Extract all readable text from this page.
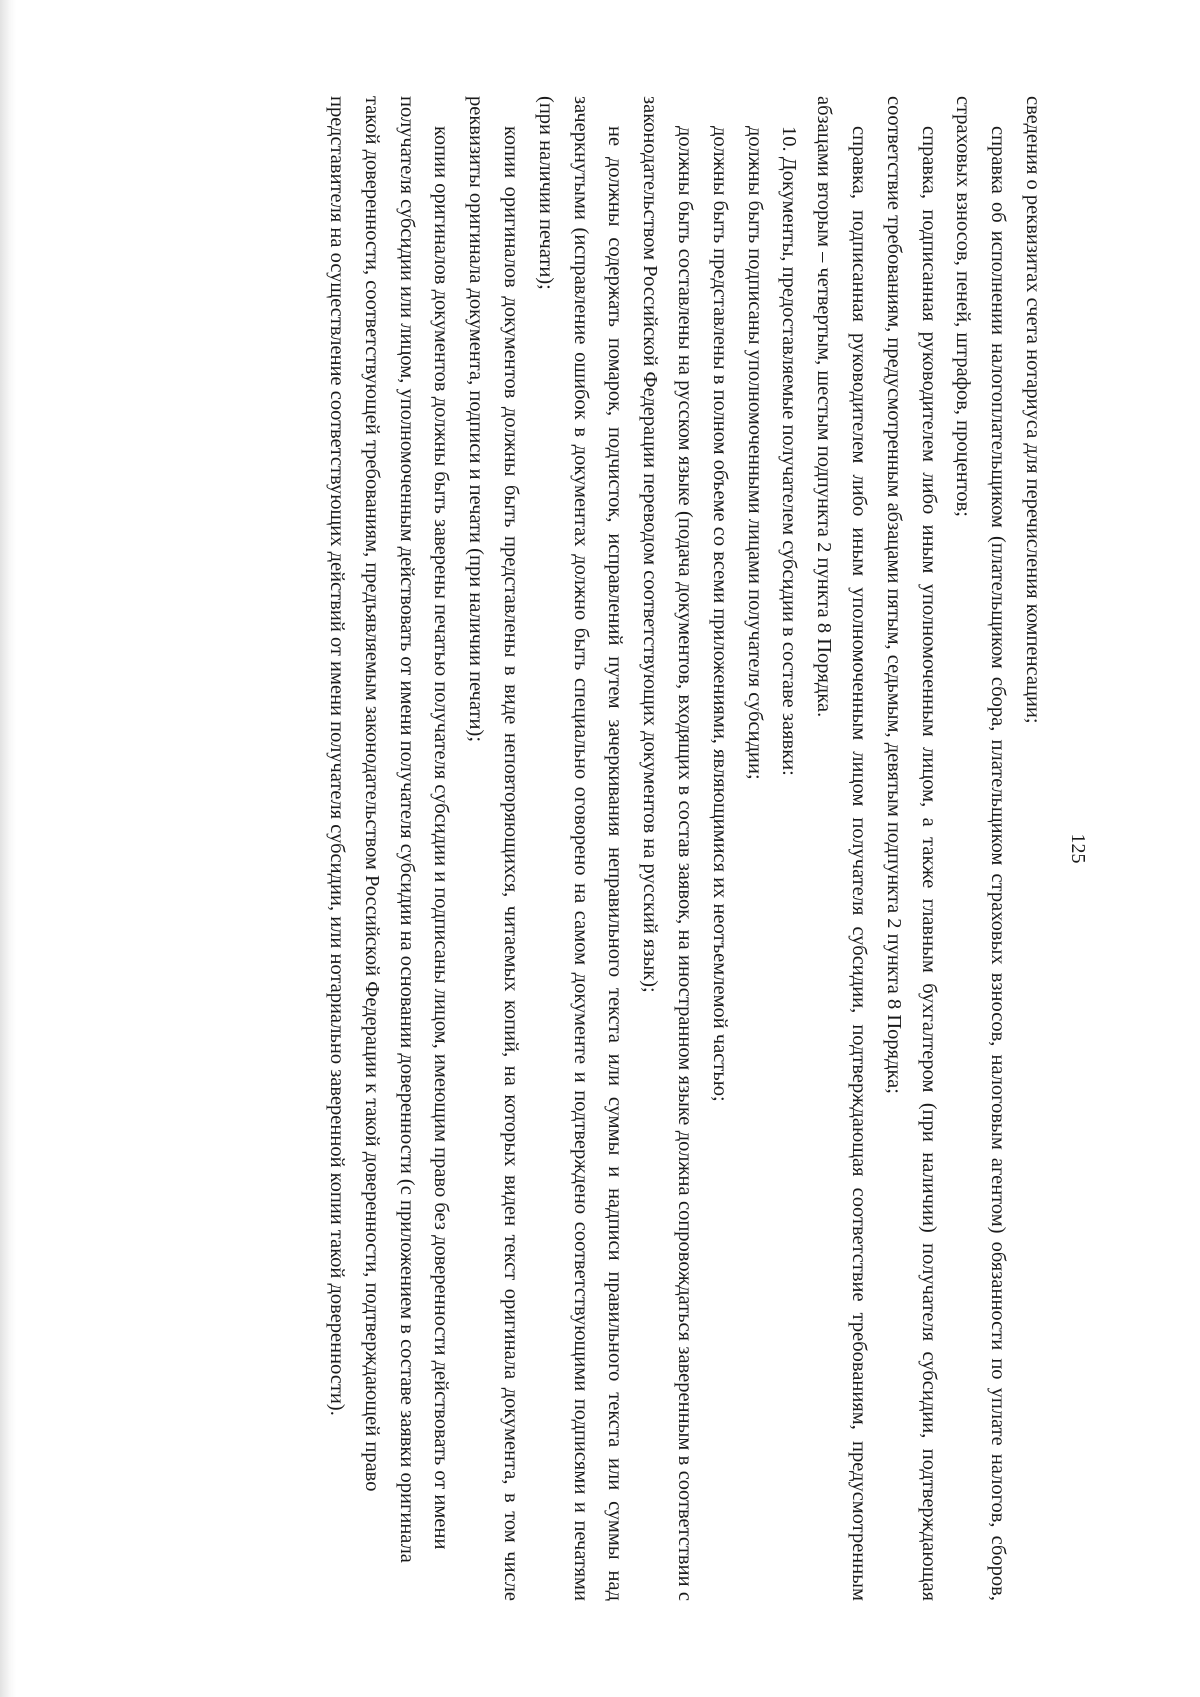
125

сведения о реквизитах счета нотариуса для перечисления компенсации;

справка об исполнении налогоплательщиком (плательщиком сбора, плательщиком страховых взносов, налоговым агентом) обязанности по уплате налогов, сборов, страховых взносов, пеней, штрафов, процентов;

справка, подписанная руководителем либо иным уполномоченным лицом, а также главным бухгалтером (при наличии) получателя субсидии, подтверждающая соответствие требованиям, предусмотренным абзацами пятым, седьмым, девятым подпункта 2 пункта 8 Порядка;

справка, подписанная руководителем либо иным уполномоченным лицом получателя субсидии, подтверждающая соответствие требованиям, предусмотренным абзацами вторым – четвертым, шестым подпункта 2 пункта 8 Порядка.

10. Документы, предоставляемые получателем субсидии в составе заявки:

должны быть подписаны уполномоченными лицами получателя субсидии;

должны быть представлены в полном объеме со всеми приложениями, являющимися их неотъемлемой частью;

должны быть составлены на русском языке (подача документов, входящих в состав заявок, на иностранном языке должна сопровождаться заверенным в соответствии с законодательством Российской Федерации переводом соответствующих документов на русский язык);

не должны содержать помарок, подчисток, исправлений путем зачеркивания неправильного текста или суммы и надписи правильного текста или суммы над зачеркнутыми (исправление ошибок в документах должно быть специально оговорено на самом документе и подтверждено соответствующими подписями и печатями (при наличии печати);

копии оригиналов документов должны быть представлены в виде неповторяющихся, читаемых копий, на которых виден текст оригинала документа, в том числе реквизиты оригинала документа, подписи и печати (при наличии печати);

копии оригиналов документов должны быть заверены печатью получателя субсидии и подписаны лицом, имеющим право без доверенности действовать от имени получателя субсидии или лицом, уполномоченным действовать от имени получателя субсидии на основании доверенности (с приложением в составе заявки оригинала такой доверенности, соответствующей требованиям, предъявляемым законодательством Российской Федерации к такой доверенности, подтверждающей право представителя на осуществление соответствующих действий от имени получателя субсидии, или нотариально заверенной копии такой доверенности).
